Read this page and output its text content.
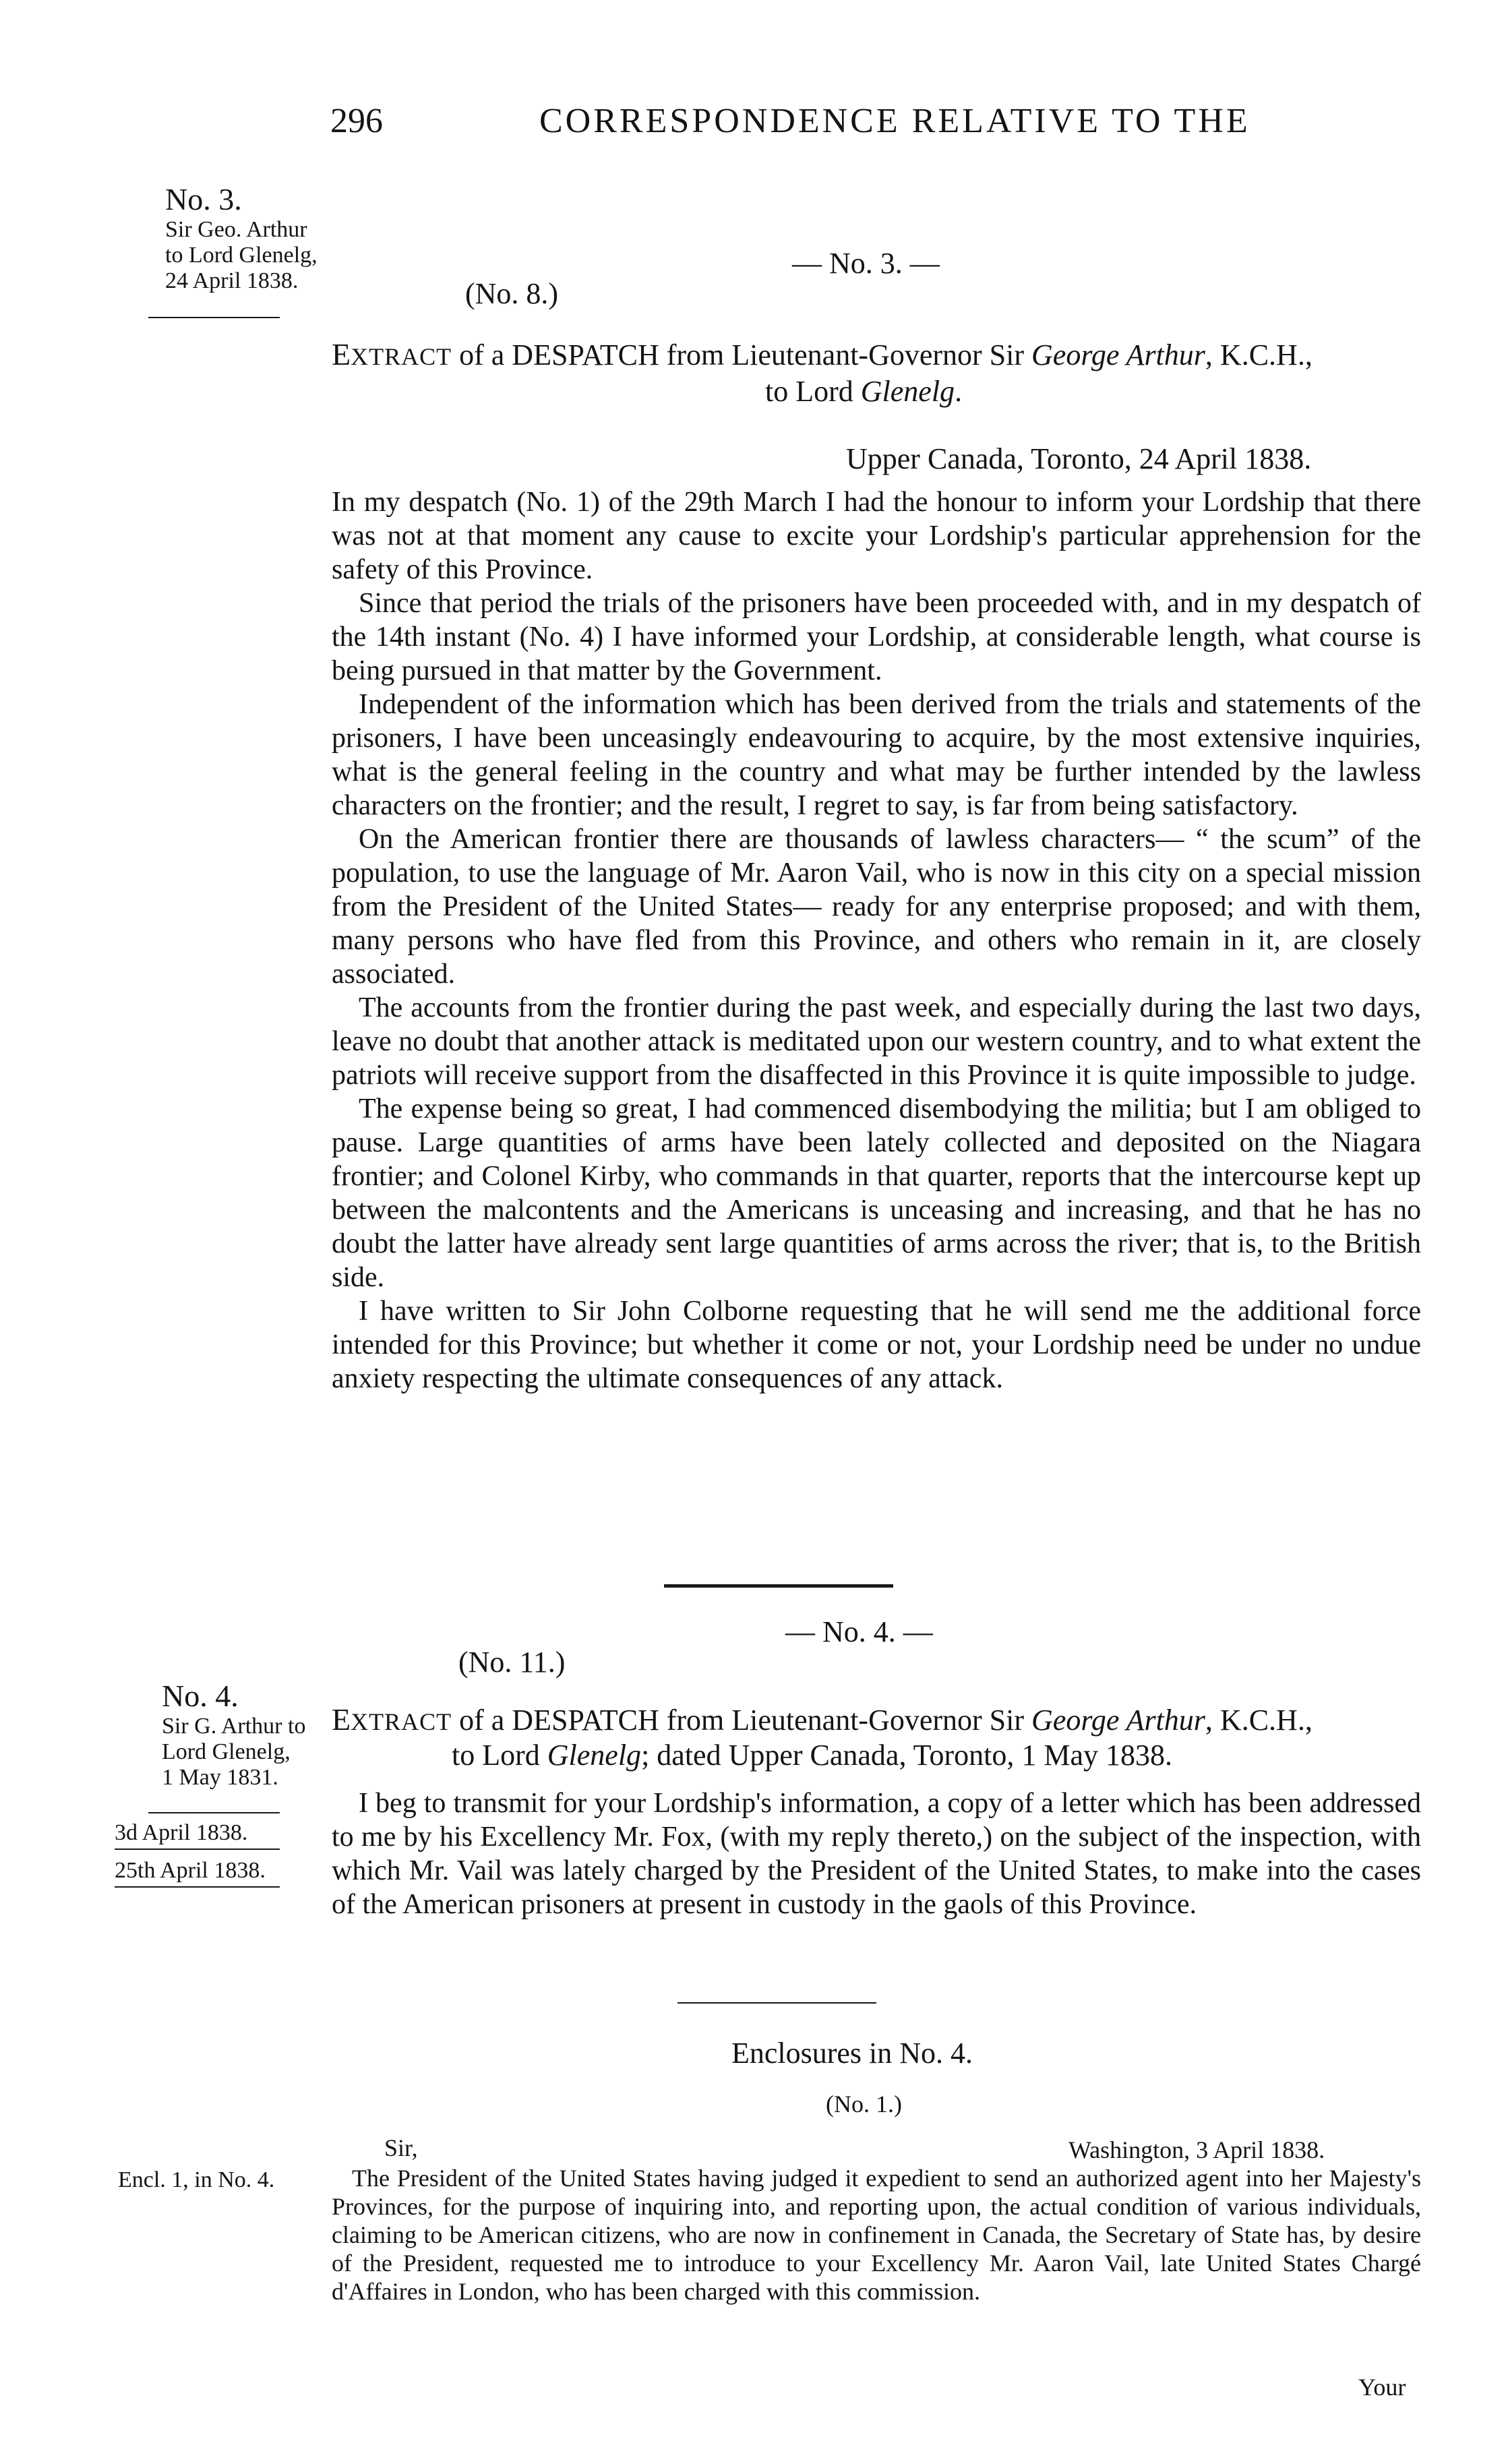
296	CORRESPONDENCE RELATIVE TO THE
No. 3.
Sir Geo. Arthur
to Lord Glenelg,
24 April 1838.
— No. 3. —
(No. 8.)
EXTRACT of a DESPATCH from Lieutenant-Governor Sir George Arthur, K.C.H.,
to Lord Glenelg.
Upper Canada, Toronto, 24 April 1838.

In my despatch (No. 1) of the 29th March I had the honour to inform your Lordship that there was not at that moment any cause to excite your Lordship's particular apprehension for the safety of this Province.

Since that period the trials of the prisoners have been proceeded with, and in my despatch of the 14th instant (No. 4) I have informed your Lordship, at considerable length, what course is being pursued in that matter by the Government.

Independent of the information which has been derived from the trials and statements of the prisoners, I have been unceasingly endeavouring to acquire, by the most extensive inquiries, what is the general feeling in the country and what may be further intended by the lawless characters on the frontier; and the result, I regret to say, is far from being satisfactory.

On the American frontier there are thousands of lawless characters— “ the scum” of the population, to use the language of Mr. Aaron Vail, who is now in this city on a special mission from the President of the United States— ready for any enterprise proposed; and with them, many persons who have fled from this Province, and others who remain in it, are closely associated.

The accounts from the frontier during the past week, and especially during the last two days, leave no doubt that another attack is meditated upon our western country, and to what extent the patriots will receive support from the disaffected in this Province it is quite impossible to judge.

The expense being so great, I had commenced disembodying the militia; but I am obliged to pause. Large quantities of arms have been lately collected and deposited on the Niagara frontier; and Colonel Kirby, who commands in that quarter, reports that the intercourse kept up between the malcontents and the Americans is unceasing and increasing, and that he has no doubt the latter have already sent large quantities of arms across the river; that is, to the British side.

I have written to Sir John Colborne requesting that he will send me the additional force intended for this Province; but whether it come or not, your Lordship need be under no undue anxiety respecting the ultimate consequences of any attack.

— No. 4. —
(No. 11.)
No. 4.
Sir G. Arthur to
Lord Glenelg,
1 May 1831.
3d April 1838.
25th April 1838.
EXTRACT of a DESPATCH from Lieutenant-Governor Sir George Arthur, K.C.H.,
to Lord Glenelg; dated Upper Canada, Toronto, 1 May 1838.

I beg to transmit for your Lordship's information, a copy of a letter which has been addressed to me by his Excellency Mr. Fox, (with my reply thereto,) on the subject of the inspection, with which Mr. Vail was lately charged by the President of the United States, to make into the cases of the American prisoners at present in custody in the gaols of this Province.

Enclosures in No. 4.
(No. 1.)
Encl. 1, in No. 4.
Sir,	Washington, 3 April 1838.

The President of the United States having judged it expedient to send an authorized agent into her Majesty's Provinces, for the purpose of inquiring into, and reporting upon, the actual condition of various individuals, claiming to be American citizens, who are now in confinement in Canada, the Secretary of State has, by desire of the President, requested me to introduce to your Excellency Mr. Aaron Vail, late United States Chargé d'Affaires in London, who has been charged with this commission.

Your
